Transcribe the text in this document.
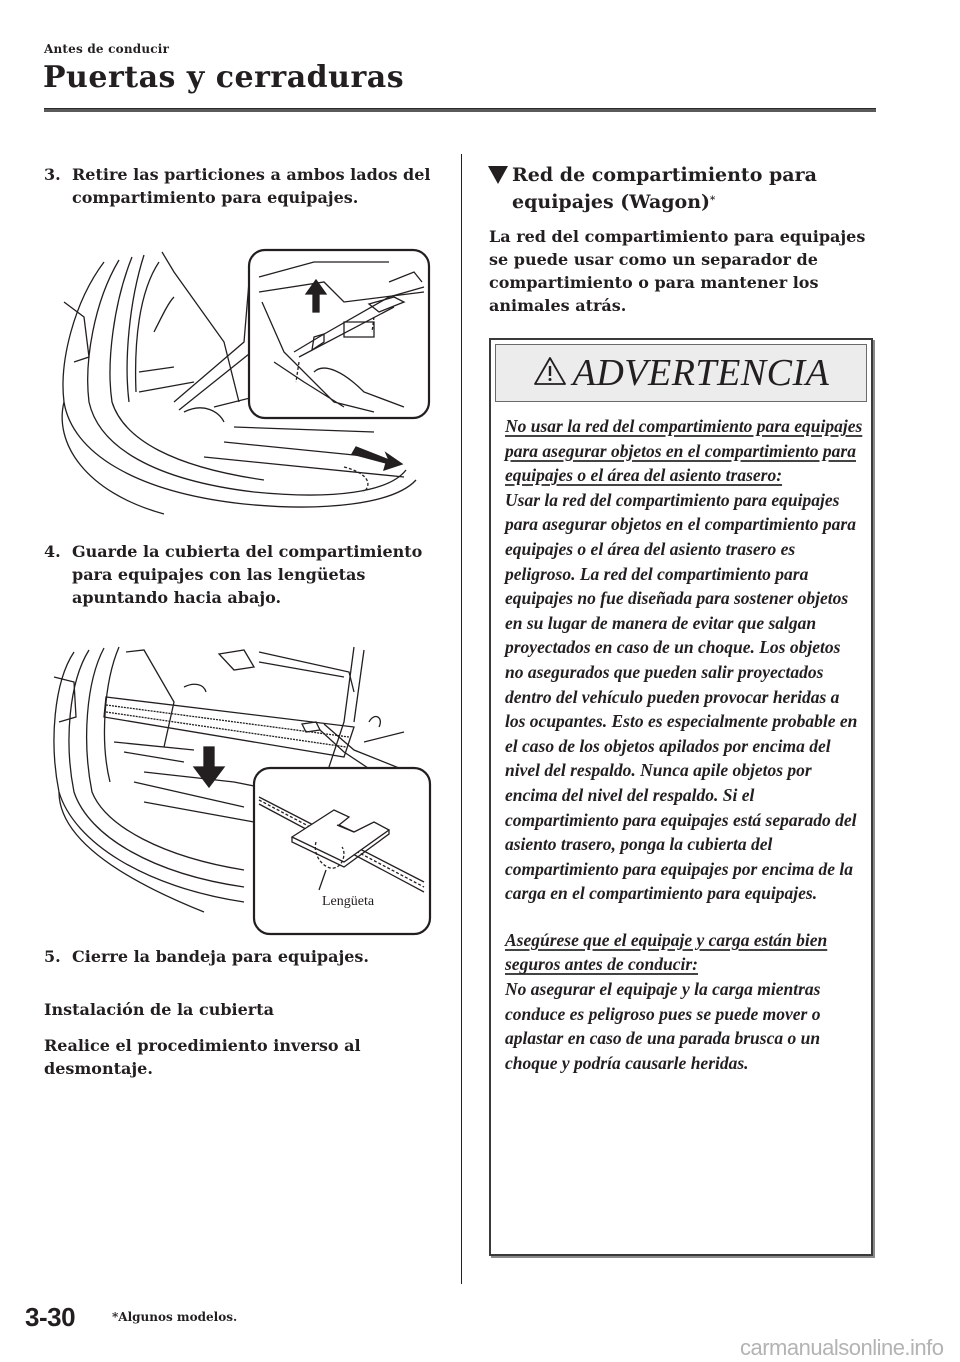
Antes de conducir
Puertas y cerraduras
3. Retire las particiones a ambos lados del compartimiento para equipajes.
4. Guarde la cubierta del compartimiento para equipajes con las lengüetas apuntando hacia abajo.
Lengüeta
5. Cierre la bandeja para equipajes.
Instalación de la cubierta
Realice el procedimiento inverso al desmontaje.
Red de compartimiento para equipajes (Wagon)*
La red del compartimiento para equipajes se puede usar como un separador de compartimiento o para mantener los animales atrás.
ADVERTENCIA

No usar la red del compartimiento para equipajes para asegurar objetos en el compartimiento para equipajes o el área del asiento trasero:

Usar la red del compartimiento para equipajes para asegurar objetos en el compartimiento para equipajes o el área del asiento trasero es peligroso. La red del compartimiento para equipajes no fue diseñada para sostener objetos en su lugar de manera de evitar que salgan proyectados en caso de un choque. Los objetos no asegurados que pueden salir proyectados dentro del vehículo pueden provocar heridas a los ocupantes. Esto es especialmente probable en el caso de los objetos apilados por encima del nivel del respaldo. Nunca apile objetos por encima del nivel del respaldo. Si el compartimiento para equipajes está separado del asiento trasero, ponga la cubierta del compartimiento para equipajes por encima de la carga en el compartimiento para equipajes.

Asegúrese que el equipaje y carga están bien seguros antes de conducir:

No asegurar el equipaje y la carga mientras conduce es peligroso pues se puede mover o aplastar en caso de una parada brusca o un choque y podría causarle heridas.

3-30	*Algunos modelos.
carmanualsonline.info
